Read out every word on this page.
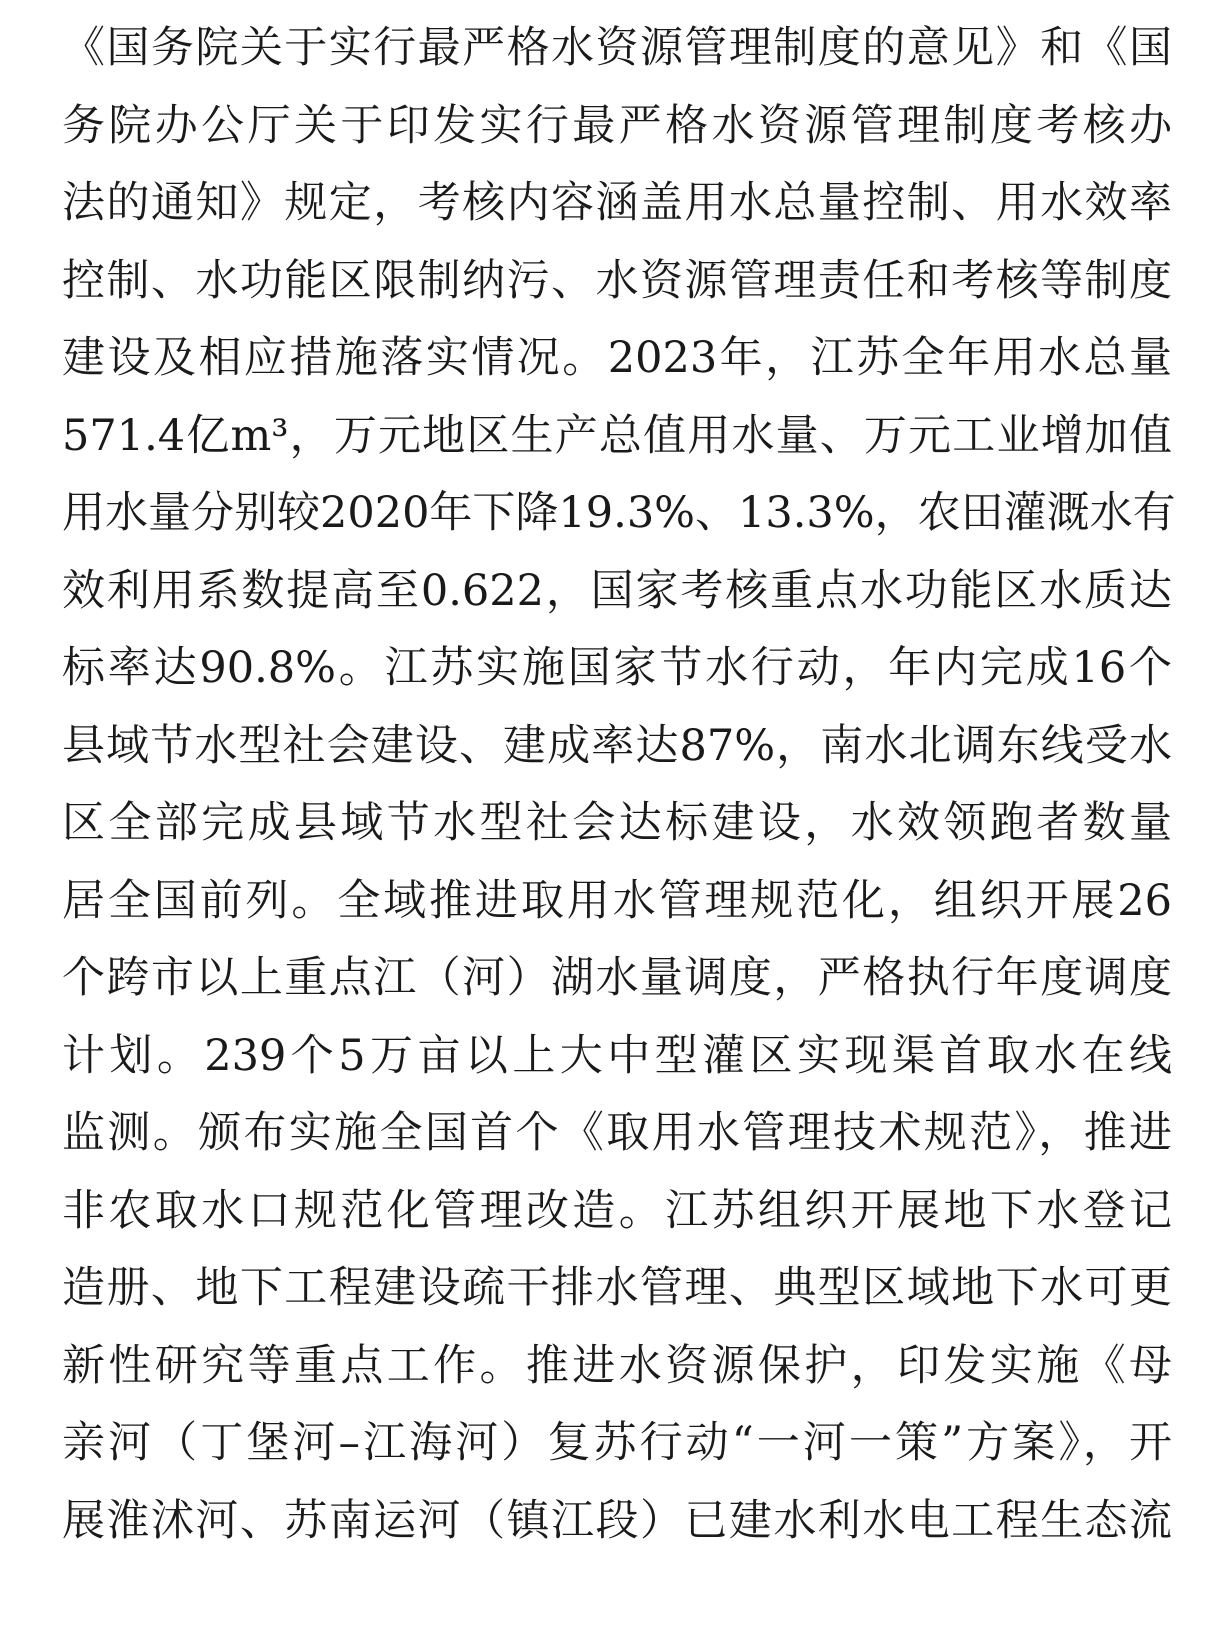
《国务院关于实行最严格水资源管理制度的意见》和《国
务院办公厅关于印发实行最严格水资源管理制度考核办
法的通知》规定，考核内容涵盖用水总量控制、用水效率
控制、水功能区限制纳污、水资源管理责任和考核等制度
建设及相应措施落实情况。2023年，江苏全年用水总量
571.4亿m³，万元地区生产总值用水量、万元工业增加值
用水量分别较2020年下降19.3%、13.3%，农田灌溉水有
效利用系数提高至0.622，国家考核重点水功能区水质达
标率达90.8%。江苏实施国家节水行动，年内完成16个
县域节水型社会建设、建成率达87%，南水北调东线受水
区全部完成县域节水型社会达标建设，水效领跑者数量
居全国前列。全域推进取用水管理规范化，组织开展26
个跨市以上重点江（河）湖水量调度，严格执行年度调度
计划。239个5万亩以上大中型灌区实现渠首取水在线
监测。颁布实施全国首个《取用水管理技术规范》，推进
非农取水口规范化管理改造。江苏组织开展地下水登记
造册、地下工程建设疏干排水管理、典型区域地下水可更
新性研究等重点工作。推进水资源保护，印发实施《母
亲河（丁堡河–江海河）复苏行动“一河一策”方案》，开
展淮沭河、苏南运河（镇江段）已建水利水电工程生态流
